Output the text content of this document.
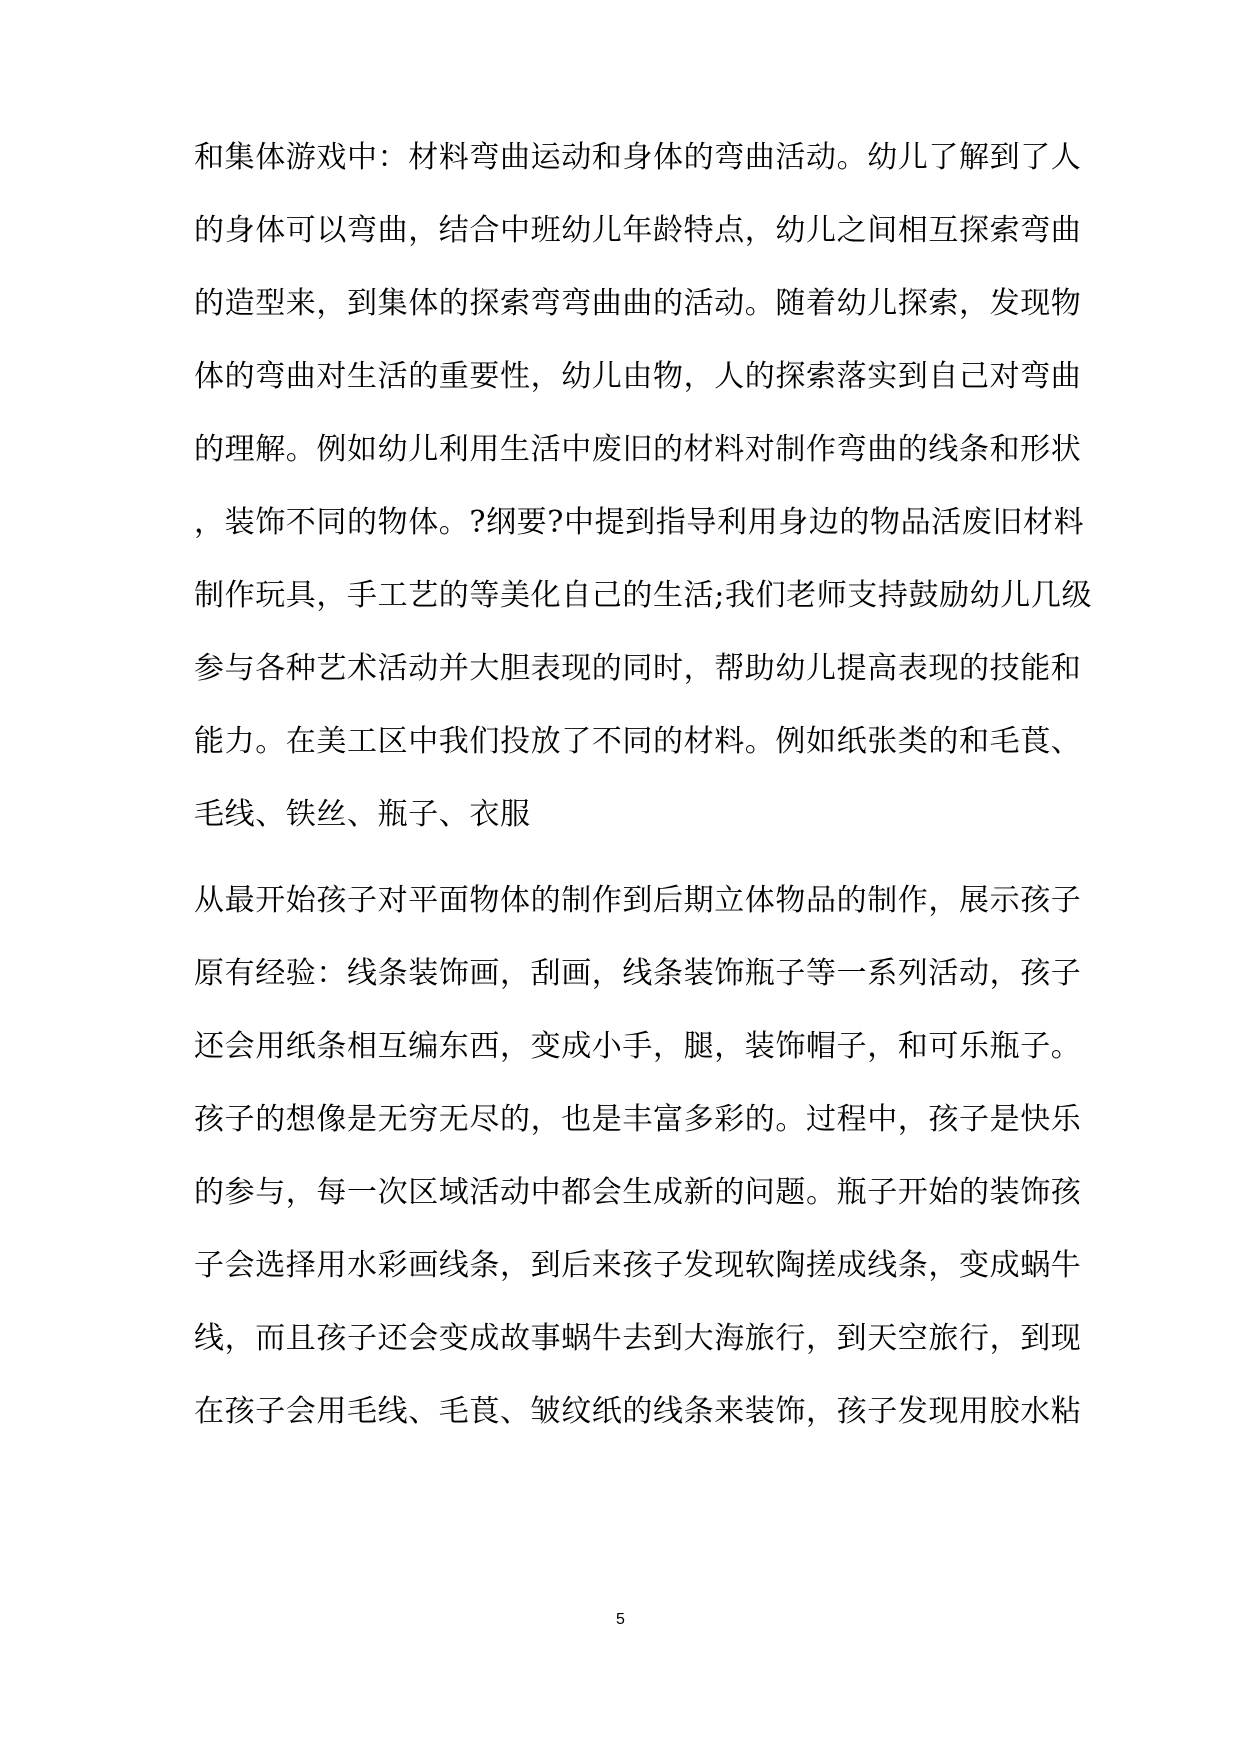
和集体游戏中：材料弯曲运动和身体的弯曲活动。幼儿了解到了人

的身体可以弯曲，结合中班幼儿年龄特点，幼儿之间相互探索弯曲

的造型来，到集体的探索弯弯曲曲的活动。随着幼儿探索，发现物

体的弯曲对生活的重要性，幼儿由物，人的探索落实到自己对弯曲

的理解。例如幼儿利用生活中废旧的材料对制作弯曲的线条和形状

，装饰不同的物体。?纲要?中提到指导利用身边的物品活废旧材料

制作玩具，手工艺的等美化自己的生活;我们老师支持鼓励幼儿几级

参与各种艺术活动并大胆表现的同时，帮助幼儿提高表现的技能和

能力。在美工区中我们投放了不同的材料。例如纸张类的和毛莨、

毛线、铁丝、瓶子、衣服

从最开始孩子对平面物体的制作到后期立体物品的制作，展示孩子

原有经验：线条装饰画，刮画，线条装饰瓶子等一系列活动，孩子

还会用纸条相互编东西，变成小手，腿，装饰帽子，和可乐瓶子。

孩子的想像是无穷无尽的，也是丰富多彩的。过程中，孩子是快乐

的参与，每一次区域活动中都会生成新的问题。瓶子开始的装饰孩

子会选择用水彩画线条，到后来孩子发现软陶搓成线条，变成蜗牛

线，而且孩子还会变成故事蜗牛去到大海旅行，到天空旅行，到现

在孩子会用毛线、毛莨、皱纹纸的线条来装饰，孩子发现用胶水粘

5
